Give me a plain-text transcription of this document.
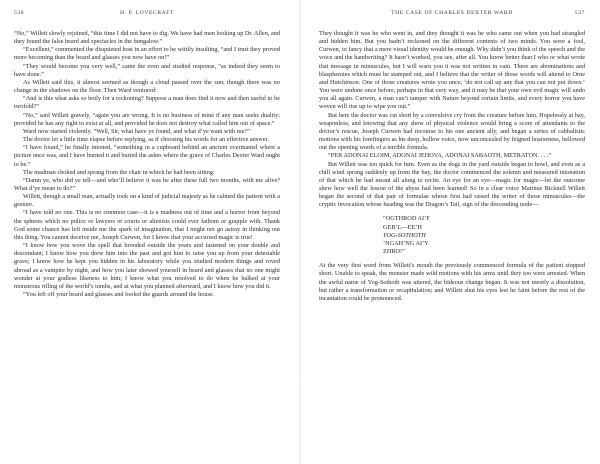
536	H. P. LOVECRAFT

“No,” Willett slowly rejoined, “this time I did not have to dig. We have had men looking up Dr. Allen, and they found the false beard and spectacles in the bungalow.”

“Excellent,” commented the disquieted host in an effort to be wittily insulting, “and I trust they proved more becoming than the beard and glasses you now have on!”

“They would become you very well,” came the even and studied response, “as indeed they seem to have done.”

As Willett said this, it almost seemed as though a cloud passed over the sun; though there was no change in the shadows on the floor. Then Ward ventured:

“And is this what asks so hotly for a reckoning? Suppose a man does find it now and then useful to be twofold?”

“No,” said Willett gravely, “again you are wrong. It is no business of mine if any man seeks duality; provided he has any right to exist at all, and provided he does not destroy what called him out of space.”

Ward now started violently. “Well, Sir, what have ye found, and what d’ye want with me?”

The doctor let a little time elapse before replying, as if choosing his words for an effective answer.

“I have found,” he finally intoned, “something in a cupboard behind an ancient overmantel where a picture once was, and I have burned it and buried the ashes where the grave of Charles Dexter Ward ought to be.”

The madman choked and sprang from the chair in which he had been sitting:

“Damn ye, who did ye tell—and who’ll believe it was he after these full two months, with me alive? What d’ye mean to do?”

Willett, though a small man, actually took on a kind of judicial majesty as he calmed the patient with a gesture.

“I have told no one. This is no common case—it is a madness out of time and a horror from beyond the spheres which no police or lawyers or courts or alienists could ever fathom or grapple with. Thank God some chance has left inside me the spark of imagination, that I might not go astray in thinking out this thing. You cannot deceive me, Joseph Curwen, for I know that your accursed magic is true!

“I know how you wove the spell that brooded outside the years and fastened on your double and descendant; I know how you drew him into the past and got him to raise you up from your detestable grave; I know how he kept you hidden in his laboratory while you studied modern things and roved abroad as a vampire by night, and how you later showed yourself in beard and glasses that no one might wonder at your godless likeness to him; I know what you resolved to do when he balked at your monstrous rifling of the world’s tombs, and at what you planned afterward, and I know how you did it.

“You left off your beard and glasses and fooled the guards around the house.

THE CASE OF CHARLES DEXTER WARD	537

They thought it was he who went in, and they thought it was he who came out when you had strangled and hidden him. But you hadn’t reckoned on the different contents of two minds. You were a fool, Curwen, to fancy that a mere visual identity would be enough. Why didn’t you think of the speech and the voice and the handwriting? It hasn’t worked, you see, after all. You know better than I who or what wrote that message in minuscules, but I will warn you it was not written in vain. There are abominations and blasphemies which must be stamped out, and I believe that the writer of those words will attend to Orne and Hutchinson. One of those creatures wrote you once, ‘do not call up any that you can not put down.’ You were undone once before, perhaps in that very way, and it may be that your own evil magic will undo you all again. Curwen, a man can’t tamper with Nature beyond certain limits, and every horror you have woven will rise up to wipe you out.”

But here the doctor was cut short by a convulsive cry from the creature before him. Hopelessly at bay, weaponless, and knowing that any show of physical violence would bring a score of attendants to the doctor’s rescue, Joseph Curwen had recourse to his one ancient ally, and began a series of cabbalistic motions with his forefingers as his deep, hollow voice, now unconcealed by feigned hoarseness, bellowed out the opening words of a terrible formula.

“PER ADONAI ELOIM, ADONAI JEHOVA, ADONAI SABAOTH, METRATON. . . .”

But Willett was too quick for him. Even as the dogs in the yard outside began to howl, and even as a chill wind sprang suddenly up from the bay, the doctor commenced the solemn and measured intonation of that which he had meant all along to recite. An eye for an eye—magic for magic—let the outcome shew how well the lesson of the abyss had been learned! So in a clear voice Marinus Bicknell Willett began the second of that pair of formulae whose first had raised the writer of those minuscules—the cryptic invocation whose heading was the Dragon’s Tail, sign of the descending node—

“OGTHROD AI’F
GEB’L—EE’H
YOG-SOTHOTH
’NGAH’NG AI’Y
ZHRO!”

At the very first word from Willett’s mouth the previously commenced formula of the patient stopped short. Unable to speak, the monster made wild motions with his arms until they too were arrested. When the awful name of Yog-Sothoth was uttered, the hideous change began. It was not merely a dissolution, but rather a transformation or recapitulation; and Willett shut his eyes lest he faint before the rest of the incantation could be pronounced.
